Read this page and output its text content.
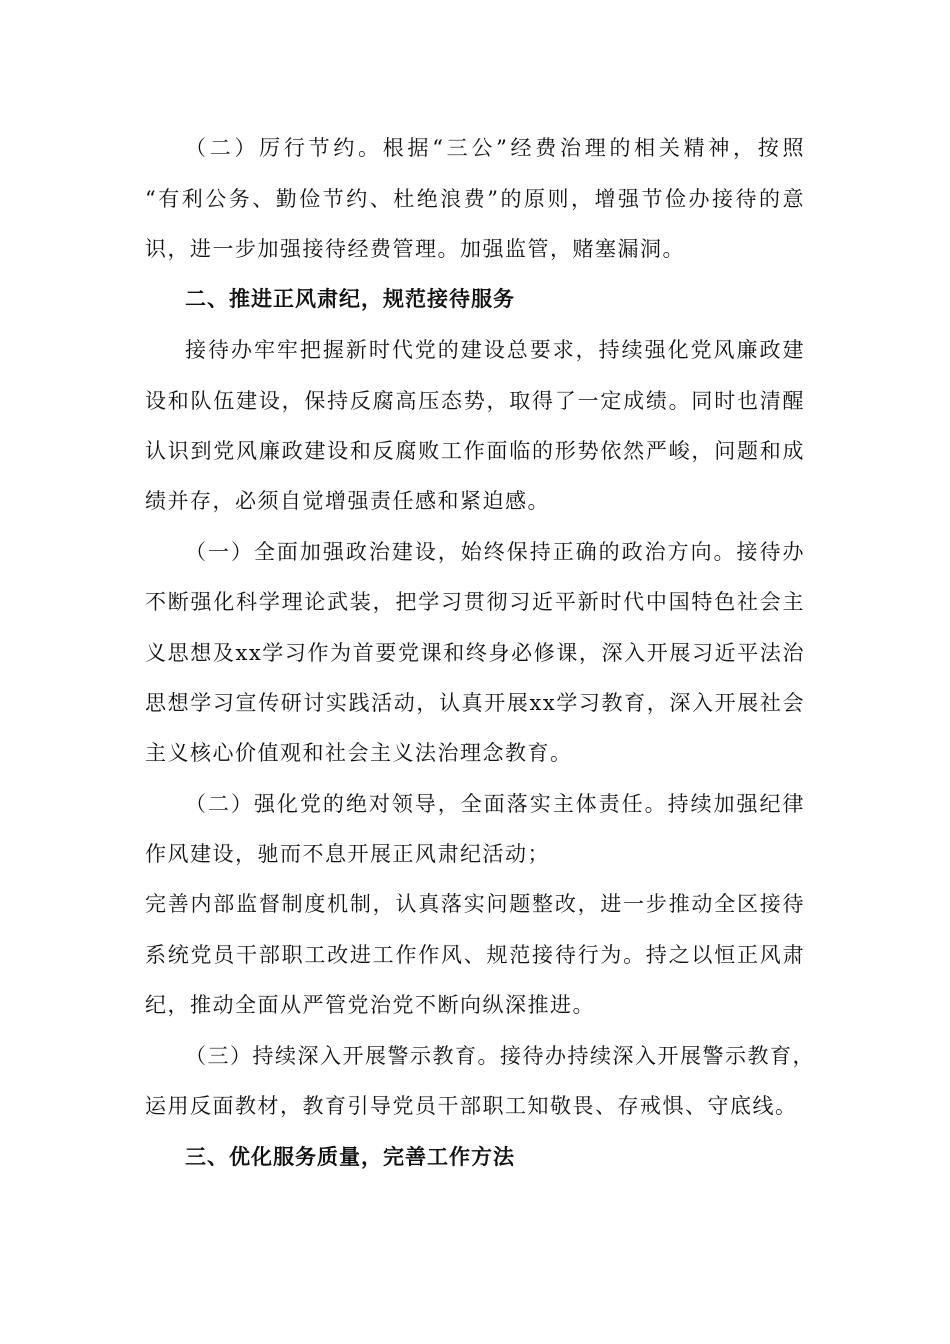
（二）厉行节约。根据“三公”经费治理的相关精神，按照
“有利公务、勤俭节约、杜绝浪费”的原则，增强节俭办接待的意
识，进一步加强接待经费管理。加强监管，赌塞漏洞。
二、推进正风肃纪，规范接待服务
接待办牢牢把握新时代党的建设总要求，持续强化党风廉政建
设和队伍建设，保持反腐高压态势，取得了一定成绩。同时也清醒
认识到党风廉政建设和反腐败工作面临的形势依然严峻，问题和成
绩并存，必须自觉增强责任感和紧迫感。
（一）全面加强政治建设，始终保持正确的政治方向。接待办
不断强化科学理论武装，把学习贯彻习近平新时代中国特色社会主
义思想及xx学习作为首要党课和终身必修课，深入开展习近平法治
思想学习宣传研讨实践活动，认真开展xx学习教育，深入开展社会
主义核心价值观和社会主义法治理念教育。
（二）强化党的绝对领导，全面落实主体责任。持续加强纪律
作风建设，驰而不息开展正风肃纪活动；
完善内部监督制度机制，认真落实问题整改，进一步推动全区接待
系统党员干部职工改进工作作风、规范接待行为。持之以恒正风肃
纪，推动全面从严管党治党不断向纵深推进。
（三）持续深入开展警示教育。接待办持续深入开展警示教育，
运用反面教材，教育引导党员干部职工知敬畏、存戒惧、守底线。
三、优化服务质量，完善工作方法
